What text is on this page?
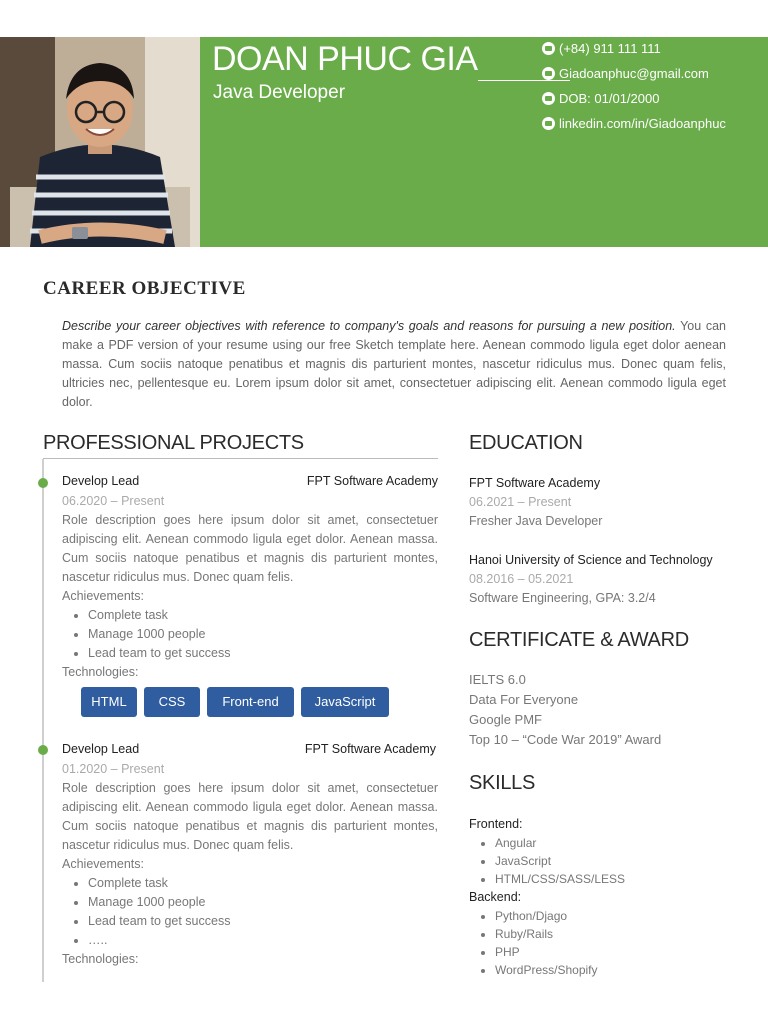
DOAN PHUC GIA
Java Developer
(+84) 911 111 111
Giadoanphuc@gmail.com
DOB: 01/01/2000
linkedin.com/in/Giadoanphuc
CAREER OBJECTIVE
Describe your career objectives with reference to company's goals and reasons for pursuing a new position. You can make a PDF version of your resume using our free Sketch template here. Aenean commodo ligula eget dolor aenean massa. Cum sociis natoque penatibus et magnis dis parturient montes, nascetur ridiculus mus. Donec quam felis, ultricies nec, pellentesque eu. Lorem ipsum dolor sit amet, consectetuer adipiscing elit. Aenean commodo ligula eget dolor.
PROFESSIONAL PROJECTS
Develop Lead	FPT Software Academy
06.2020 – Present
Role description goes here ipsum dolor sit amet, consectetuer adipiscing elit. Aenean commodo ligula eget dolor. Aenean massa. Cum sociis natoque penatibus et magnis dis parturient montes, nascetur ridiculus mus. Donec quam felis.
Achievements:
• Complete task
• Manage 1000 people
• Lead team to get success
Technologies:
HTML	CSS	Front-end	JavaScript
Develop Lead	FPT Software Academy
01.2020 – Present
Role description goes here ipsum dolor sit amet, consectetuer adipiscing elit. Aenean commodo ligula eget dolor. Aenean massa. Cum sociis natoque penatibus et magnis dis parturient montes, nascetur ridiculus mus. Donec quam felis.
Achievements:
• Complete task
• Manage 1000 people
• Lead team to get success
• …..
Technologies:
EDUCATION
FPT Software Academy
06.2021 – Present
Fresher Java Developer
Hanoi University of Science and Technology
08.2016 – 05.2021
Software Engineering, GPA: 3.2/4
CERTIFICATE & AWARD
IELTS 6.0
Data For Everyone
Google PMF
Top 10 – “Code War 2019” Award
SKILLS
Frontend:
• Angular
• JavaScript
• HTML/CSS/SASS/LESS
Backend:
• Python/Djago
• Ruby/Rails
• PHP
• WordPress/Shopify
